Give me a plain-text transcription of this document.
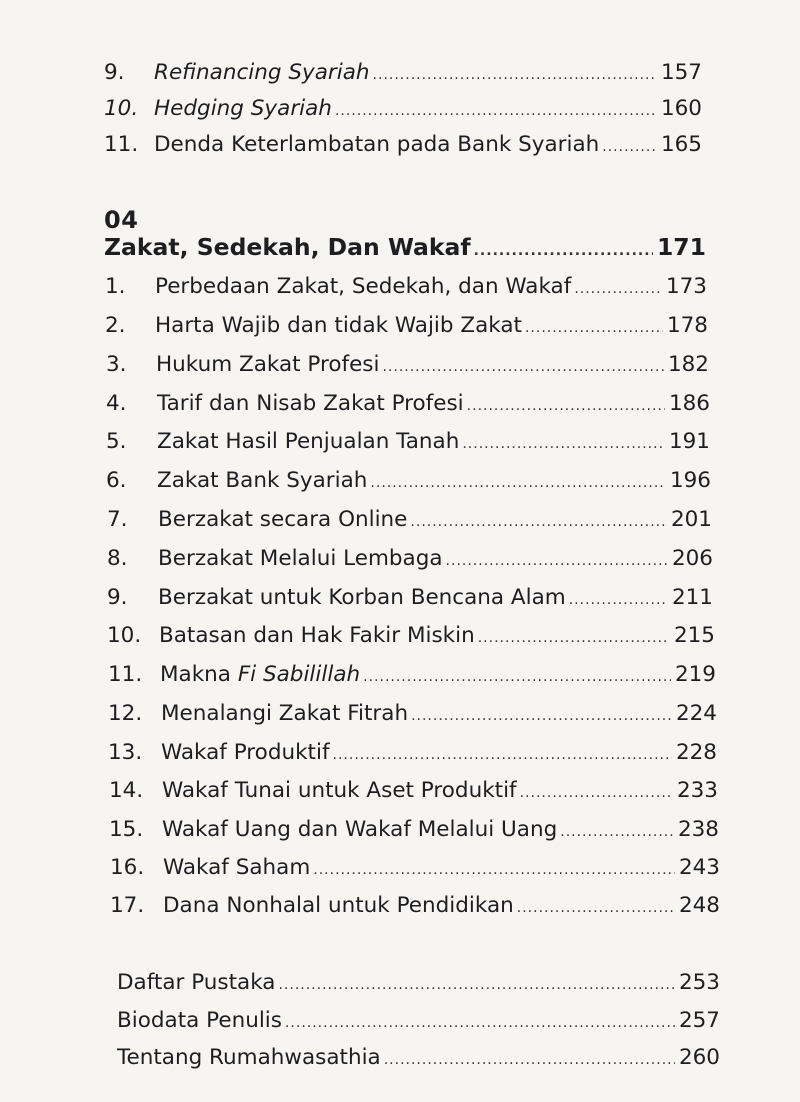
9.	Refinancing Syariah .....	157
10. Hedging Syariah .....	160
11. Denda Keterlambatan pada Bank Syariah .....	165
04
Zakat, Sedekah, Dan Wakaf .....	171
1.	Perbedaan Zakat, Sedekah, dan Wakaf .....	173
2.	Harta Wajib dan tidak Wajib Zakat .....	178
3.	Hukum Zakat Profesi .....	182
4.	Tarif dan Nisab Zakat Profesi .....	186
5.	Zakat Hasil Penjualan Tanah .....	191
6.	Zakat Bank Syariah .....	196
7.	Berzakat secara Online .....	201
8.	Berzakat Melalui Lembaga .....	206
9.	Berzakat untuk Korban Bencana Alam .....	211
10. Batasan dan Hak Fakir Miskin .....	215
11. Makna Fi Sabilillah .....	219
12. Menalangi Zakat Fitrah .....	224
13. Wakaf Produktif .....	228
14. Wakaf Tunai untuk Aset Produktif .....	233
15. Wakaf Uang dan Wakaf Melalui Uang .....	238
16. Wakaf Saham .....	243
17. Dana Nonhalal untuk Pendidikan .....	248
Daftar Pustaka .....	253
Biodata Penulis .....	257
Tentang Rumahwasathia .....	260
